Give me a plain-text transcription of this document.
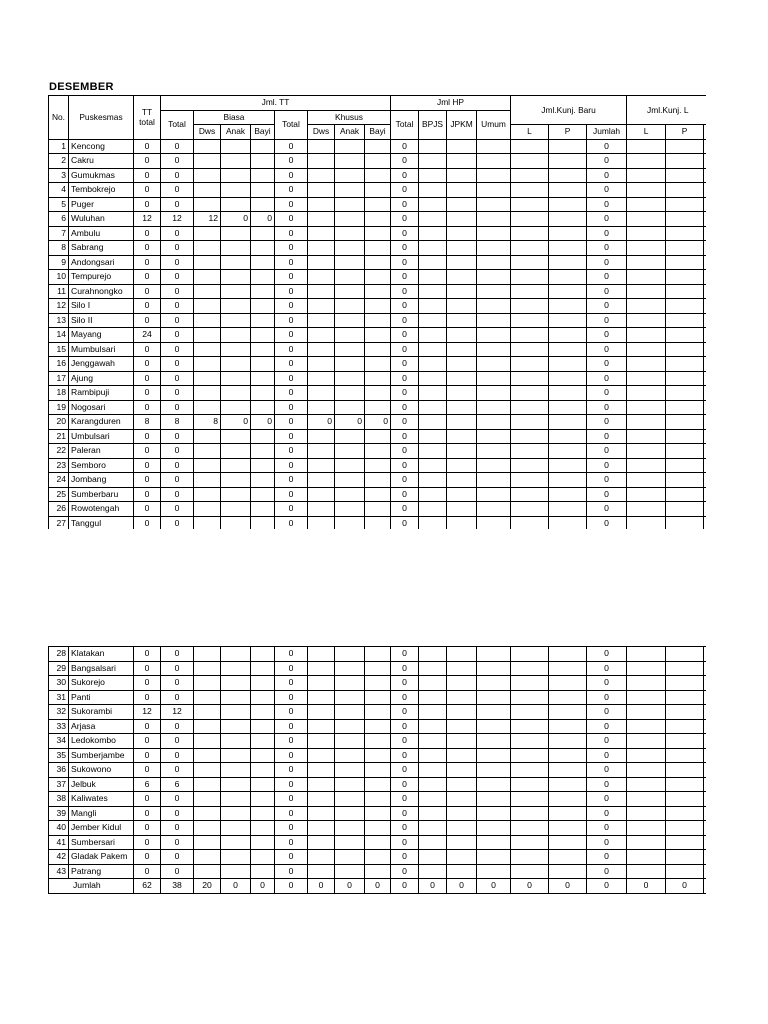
DESEMBER
No.	Puskesmas	TT total	Jml. TT								Jml HP				Jml.Kunj. Baru			Jml.Kunj. L		
			Total	Biasa			Total	Khusus			Total	BPJS	JPKM	Umum						
				Dws	Anak	Bayi		Dws	Anak	Bayi					L	P	Jumlah	L	P	
1	Kencong	0	0				0				0						0			
2	Cakru	0	0				0				0						0			
3	Gumukmas	0	0				0				0						0			
4	Tembokrejo	0	0				0				0						0			
5	Puger	0	0				0				0						0			
6	Wuluhan	12	12	12	0	0	0				0						0			
7	Ambulu	0	0				0				0						0			
8	Sabrang	0	0				0				0						0			
9	Andongsari	0	0				0				0						0			
10	Tempurejo	0	0				0				0						0			
11	Curahnongko	0	0				0				0						0			
12	Silo I	0	0				0				0						0			
13	Silo II	0	0				0				0						0			
14	Mayang	24	0				0				0						0			
15	Mumbulsari	0	0				0				0						0			
16	Jenggawah	0	0				0				0						0			
17	Ajung	0	0				0				0						0			
18	Rambipuji	0	0				0				0						0			
19	Nogosari	0	0				0				0						0			
20	Karangduren	8	8	8	0	0	0	0	0	0	0						0			
21	Umbulsari	0	0				0				0						0			
22	Paleran	0	0				0				0						0			
23	Semboro	0	0				0				0						0			
24	Jombang	0	0				0				0						0			
25	Sumberbaru	0	0				0				0						0			
26	Rowotengah	0	0				0				0						0			
27	Tanggul	0	0				0				0						0			
28	Klatakan	0	0				0				0						0			
29	Bangsalsari	0	0				0				0						0			
30	Sukorejo	0	0				0				0						0			
31	Panti	0	0				0				0						0			
32	Sukorambi	12	12				0				0						0			
33	Arjasa	0	0				0				0						0			
34	Ledokombo	0	0				0				0						0			
35	Sumberjambe	0	0				0				0						0			
36	Sukowono	0	0				0				0						0			
37	Jelbuk	6	6				0				0						0			
38	Kaliwates	0	0				0				0						0			
39	Mangli	0	0				0				0						0			
40	Jember Kidul	0	0				0				0						0			
41	Sumbersari	0	0				0				0						0			
42	Gladak Pakem	0	0				0				0						0			
43	Patrang	0	0				0				0						0			
Jumlah		62	38	20	0	0	0	0	0	0	0	0	0	0	0	0	0	0	0	
